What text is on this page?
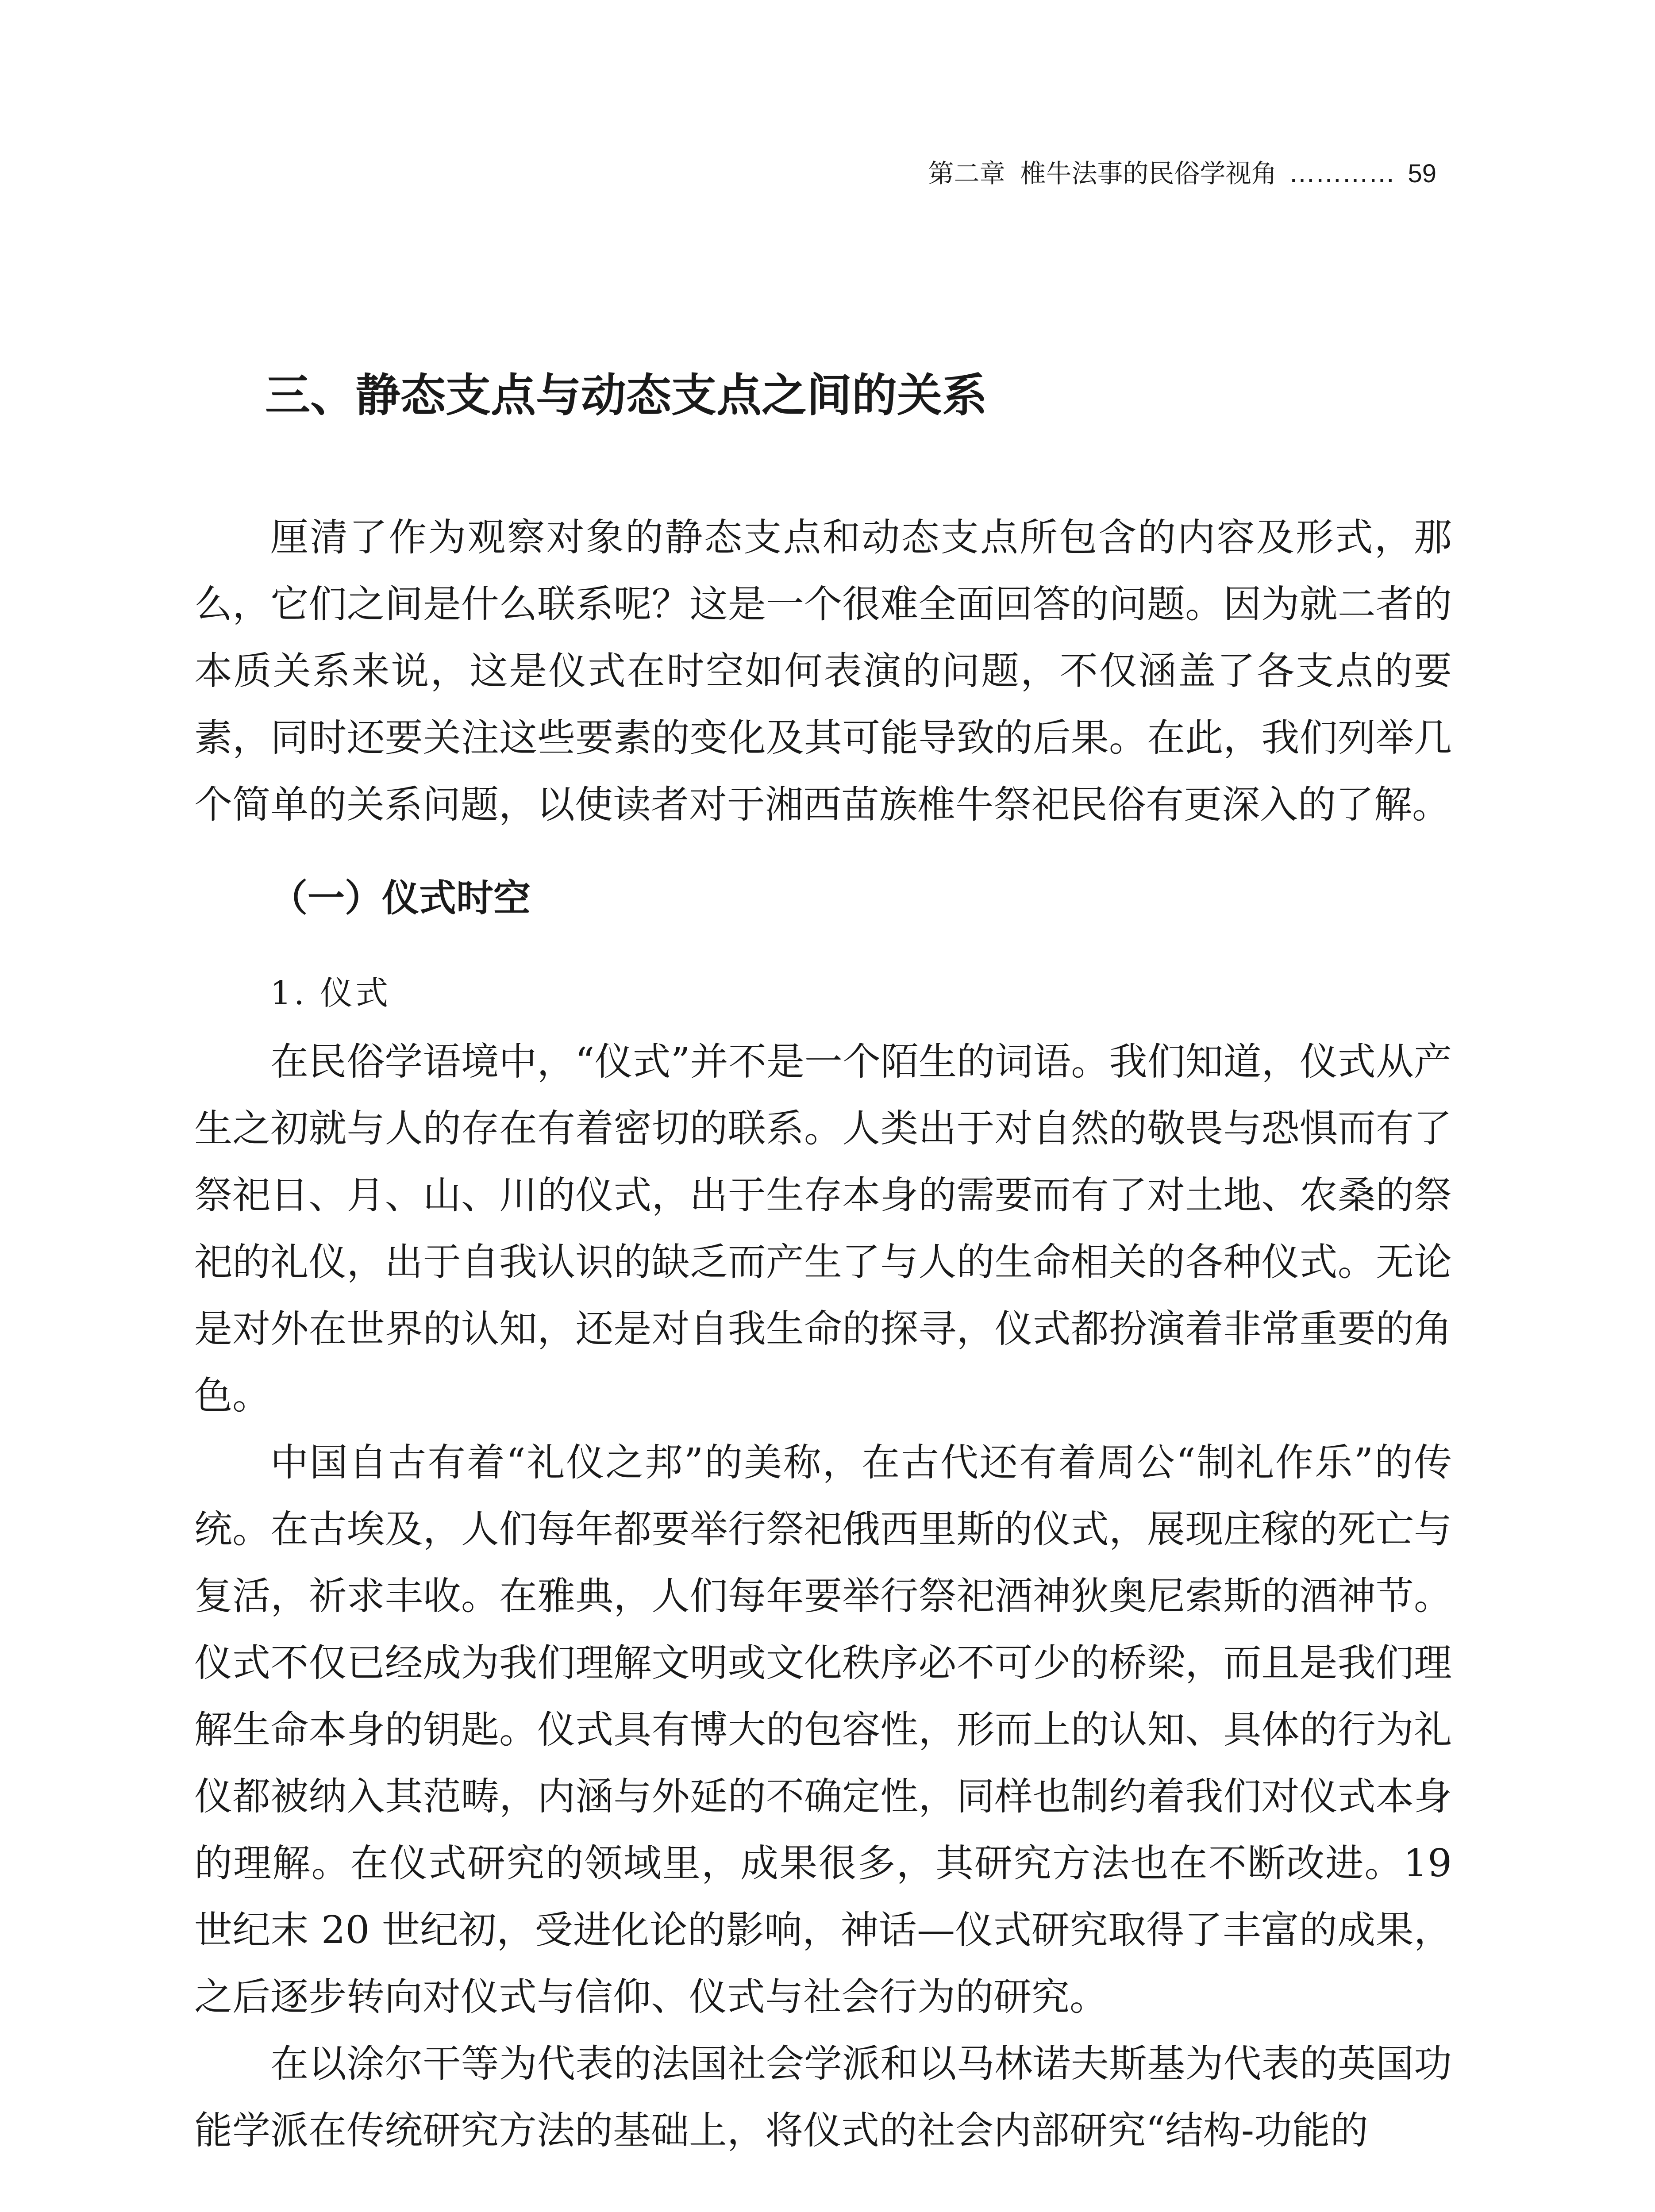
第二章 椎牛法事的民俗学视角 ………… 59
三、静态支点与动态支点之间的关系

厘清了作为观察对象的静态支点和动态支点所包含的内容及形式，那么，它们之间是什么联系呢？这是一个很难全面回答的问题。因为就二者的本质关系来说，这是仪式在时空如何表演的问题，不仅涵盖了各支点的要素，同时还要关注这些要素的变化及其可能导致的后果。在此，我们列举几个简单的关系问题，以使读者对于湘西苗族椎牛祭祀民俗有更深入的了解。

（一）仪式时空
1. 仪式

在民俗学语境中，“仪式”并不是一个陌生的词语。我们知道，仪式从产生之初就与人的存在有着密切的联系。人类出于对自然的敬畏与恐惧而有了祭祀日、月、山、川的仪式，出于生存本身的需要而有了对土地、农桑的祭祀的礼仪，出于自我认识的缺乏而产生了与人的生命相关的各种仪式。无论是对外在世界的认知，还是对自我生命的探寻，仪式都扮演着非常重要的角色。

中国自古有着“礼仪之邦”的美称，在古代还有着周公“制礼作乐”的传统。在古埃及，人们每年都要举行祭祀俄西里斯的仪式，展现庄稼的死亡与复活，祈求丰收。在雅典，人们每年要举行祭祀酒神狄奥尼索斯的酒神节。仪式不仅已经成为我们理解文明或文化秩序必不可少的桥梁，而且是我们理解生命本身的钥匙。仪式具有博大的包容性，形而上的认知、具体的行为礼仪都被纳入其范畴，内涵与外延的不确定性，同样也制约着我们对仪式本身的理解。在仪式研究的领域里，成果很多，其研究方法也在不断改进。19 世纪末 20 世纪初，受进化论的影响，神话—仪式研究取得了丰富的成果，之后逐步转向对仪式与信仰、仪式与社会行为的研究。

在以涂尔干等为代表的法国社会学派和以马林诺夫斯基为代表的英国功能学派在传统研究方法的基础上，将仪式的社会内部研究“结构-功能的
